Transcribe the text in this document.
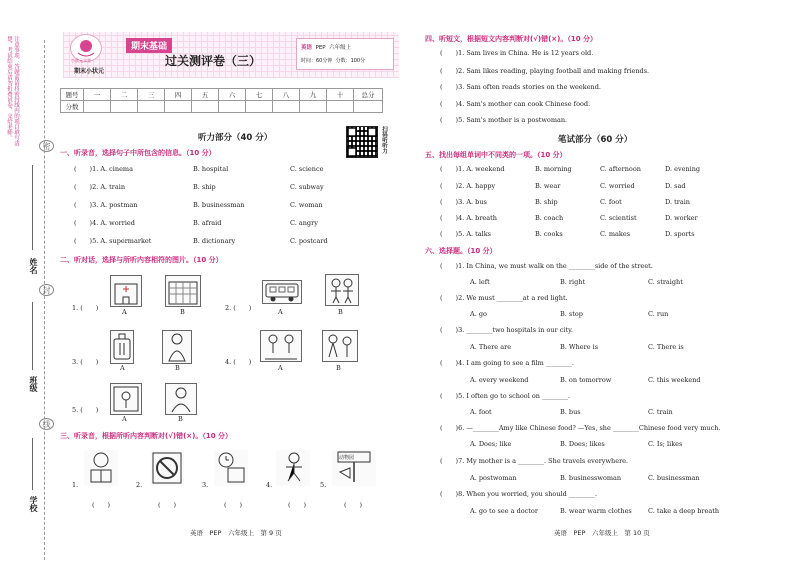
注意事项：答题前请将密封线内的项目填写清楚，考试结束后请勿折叠试卷，交给老师。
密
封
线
姓名
班级
学校
小状元学堂
期末基础
期末小状元
过关测评卷（三）
英语 PEP 六年级上
时间：60分钟 分数：100分
题号	一	二	三	四	五	六	七	八	九	十	总分
分数											
扫码听听力
听力部分（40 分）
一、听录音，选择句子中所包含的信息。（10 分）
(　　)1. A. cinema	B. hospital	C. science
(　　)2. A. train	B. ship	C. subway
(　　)3. A. postman	B. businessman	C. woman
(　　)4. A. worried	B. afraid	C. angry
(　　)5. A. supermarket	B. dictionary	C. postcard
二、听对话，选择与所听内容相符的图片。（10 分）
1. (　　)	A	B	2. (　　)	A	B
3. (　　)
A	B
4. (　　)
A	B
5. (　　)
A	B
三、听录音，根据所听内容判断对(√)错(×)。（10 分）
1.
(　　)
2.
(　　)
3.
(　　)
4.
(　　)
5.
动物园
(　　)
英语　PEP　六年级上　第 9 页
四、听短文，根据短文内容判断对(√)错(×)。（10 分）
(　　)1. Sam lives in China. He is 12 years old.
(　　)2. Sam likes reading, playing football and making friends.
(　　)3. Sam often reads stories on the weekend.
(　　)4. Sam's mother can cook Chinese food.
(　　)5. Sam's mother is a postwoman.
笔试部分（60 分）
五、找出每组单词中不同类的一项。（10 分）
(　　)1. A. weekend	B. morning	C. afternoon	D. evening
(　　)2. A. happy	B. wear	C. worried	D. sad
(　　)3. A. bus	B. ship	C. foot	D. train
(　　)4. A. breath	B. coach	C. scientist	D. worker
(　　)5. A. talks	B. cooks	C. makes	D. sports
六、选择题。（10 分）
(　　)1. In China, we must walk on the ________side of the street.
A. left	B. right	C. straight
(　　)2. We must ________at a red light.
A. go	B. stop	C. run
(　　)3. ________two hospitals in our city.
A. There are	B. Where is	C. There is
(　　)4. I am going to see a film ________.
A. every weekend	B. on tomorrow	C. this weekend
(　　)5. I often go to school on ________.
A. foot	B. bus	C. train
(　　)6. —________Amy like Chinese food? —Yes, she ________Chinese food very much.
A. Does; like	B. Does; likes	C. Is; likes
(　　)7. My mother is a ________. She travels everywhere.
A. postwoman	B. businesswoman	C. businessman
(　　)8. When you worried, you should ________.
A. go to see a doctor	B. wear warm clothes C. take a deep breath
英语　PEP　六年级上　第 10 页
